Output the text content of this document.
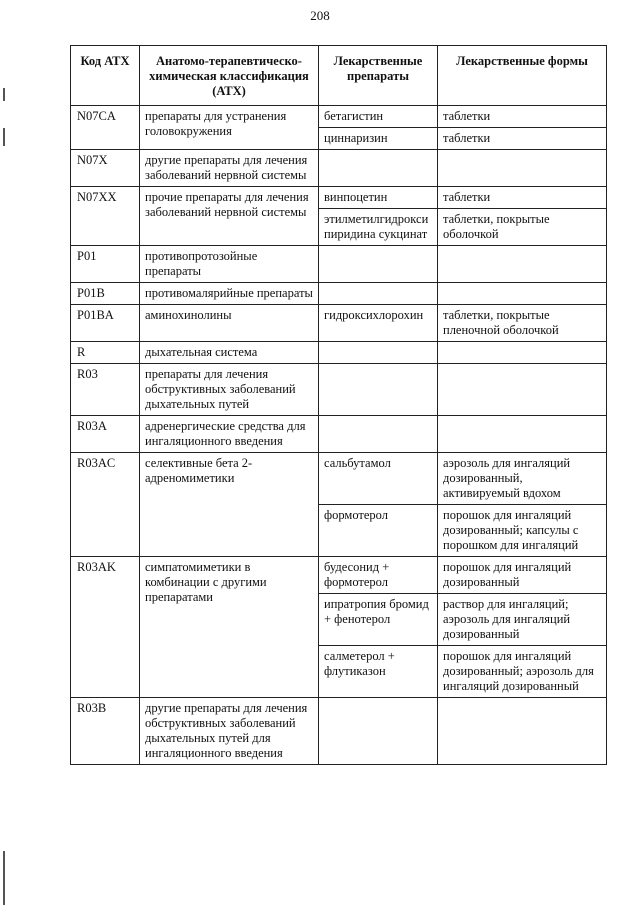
208
Код АТХ	Анатомо-терапевтическо-химическая классификация (АТХ)	Лекарственные препараты	Лекарственные формы
N07CA	препараты для устранения головокружения	бетагистин	таблетки
		циннаризин	таблетки
N07X	другие препараты для лечения заболеваний нервной системы		
N07XX	прочие препараты для лечения заболеваний нервной системы	винпоцетин	таблетки
		этилметилгидрокси пиридина сукцинат	таблетки, покрытые оболочкой
P01	противопротозойные препараты		
P01B	противомалярийные препараты		
P01BA	аминохинолины	гидроксихлорохин	таблетки, покрытые пленочной оболочкой
R	дыхательная система		
R03	препараты для лечения обструктивных заболеваний дыхательных путей		
R03A	адренергические средства для ингаляционного введения		
R03AC	селективные бета 2-адреномиметики	сальбутамол	аэрозоль для ингаляций дозированный, активируемый вдохом
		формотерол	порошок для ингаляций дозированный; капсулы с порошком для ингаляций
R03AK	симпатомиметики в комбинации с другими препаратами	будесонид + формотерол	порошок для ингаляций дозированный
		ипратропия бромид + фенотерол	раствор для ингаляций; аэрозоль для ингаляций дозированный
		салметерол + флутиказон	порошок для ингаляций дозированный; аэрозоль для ингаляций дозированный
R03B	другие препараты для лечения обструктивных заболеваний дыхательных путей для ингаляционного введения		
